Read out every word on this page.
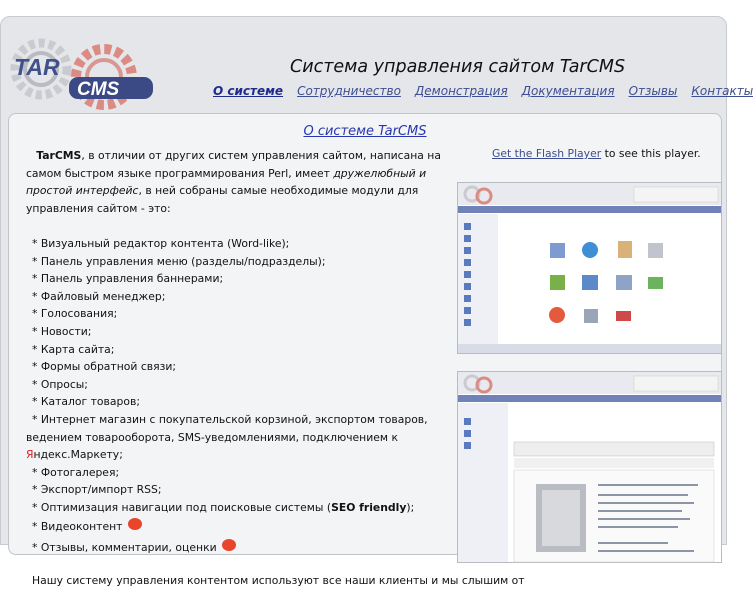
TAR
CMS
Система управления сайтом TarCMS
О системе Сотрудничество Демонстрация Документация Отзывы Контакты
О системе TarCMS

TarCMS, в отличии от других систем управления сайтом, написана на самом быстром языке программирования Perl, имеет дружелюбный и простой интерфейс, в ней собраны самые необходимые модули для управления сайтом - это:

* Визуальный редактор контента (Word-like);

* Панель управления меню (разделы/подразделы);

* Панель управления баннерами;

* Файловый менеджер;

* Голосования;

* Новости;

* Карта сайта;

* Формы обратной связи;

* Опросы;

* Каталог товаров;

* Интернет магазин с покупательской корзиной, экспортом товаров, ведением товарооборота, SMS-уведомлениями, подключением к Яндекс.Маркету;

* Фотогалерея;

* Экспорт/импорт RSS;

* Оптимизация навигации под поисковые системы (SEO friendly);

* Видеоконтент

* Отзывы, комментарии, оценки

Нашу систему управления контентом используют все наши клиенты и мы слышим от

Get the Flash Player to see this player.
